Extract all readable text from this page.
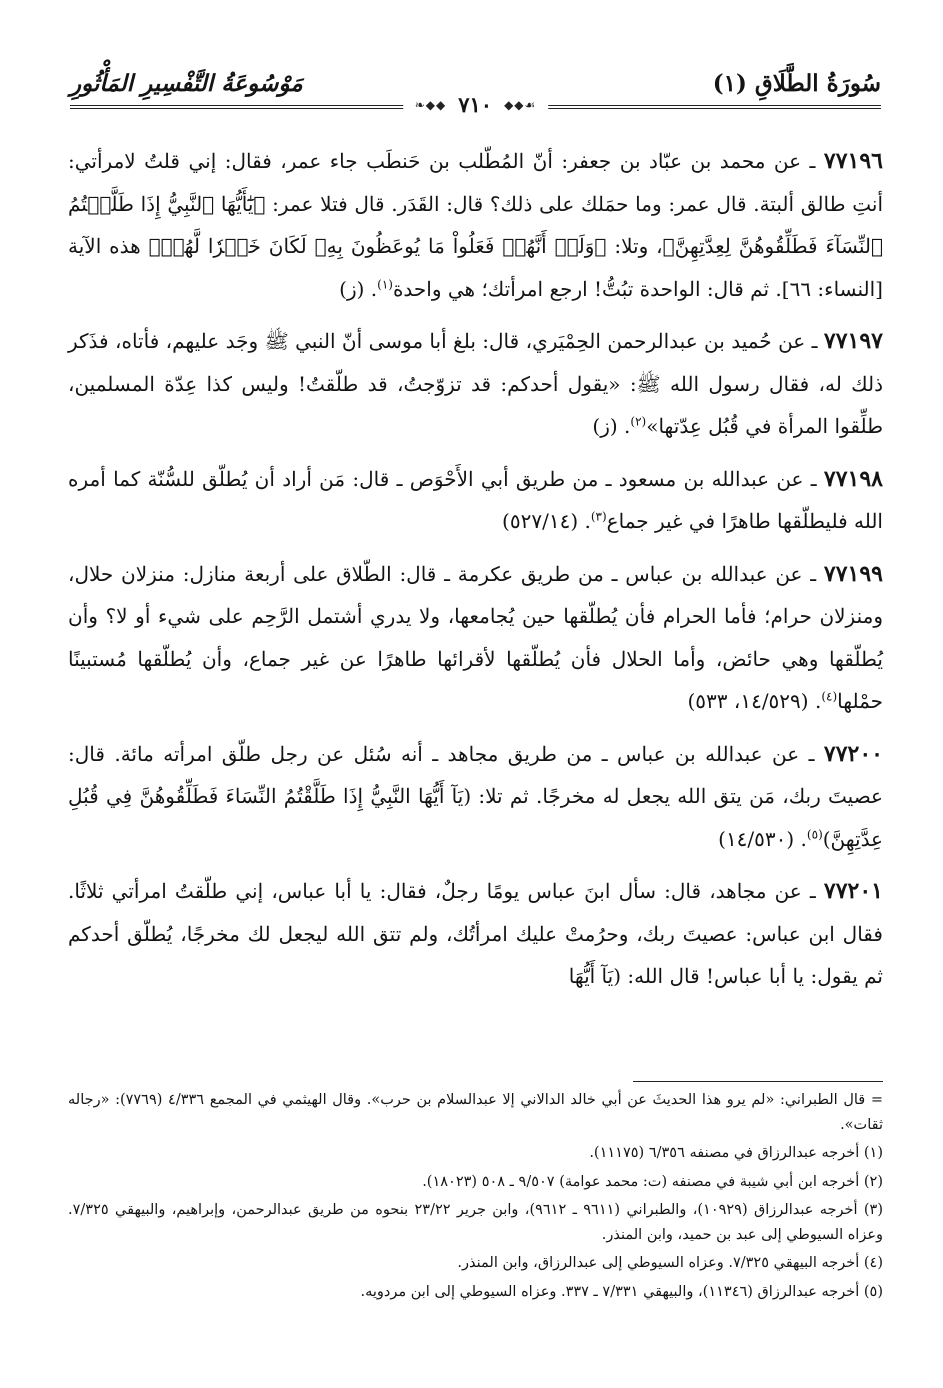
سُورَةُ الطَّلَاقِ (١)
مَوْسُوعَةُ التَّفْسِيرِ المَأْثُورِ
❧◆◆ ٧١٠ ◆◆☙

٧٧١٩٦ ـ عن محمد بن عبّاد بن جعفر: أنّ المُطّلب بن حَنطَب جاء عمر، فقال: إني قلتُ لامرأتي: أنتِ طالق ألبتة. قال عمر: وما حمَلك على ذلك؟ قال: القَدَر. قال فتلا عمر: ﴿يَٰٓأَيُّهَا ٱلنَّبِيُّ إِذَا طَلَّقۡتُمُ ٱلنِّسَآءَ فَطَلِّقُوهُنَّ لِعِدَّتِهِنَّ﴾، وتلا: ﴿وَلَوۡ أَنَّهُمۡ فَعَلُواْ مَا يُوعَظُونَ بِهِۦ لَكَانَ خَيۡرٗا لَّهُمۡ﴾ هذه الآية [النساء: ٦٦]. ثم قال: الواحدة تبُتُّ! ارجع امرأتك؛ هي واحدة$^{(١)}$. (ز)

٧٧١٩٧ ـ عن حُميد بن عبدالرحمن الحِمْيَري، قال: بلغ أبا موسى أنّ النبي ﷺ وجَد عليهم، فأتاه، فذَكر ذلك له، فقال رسول الله ﷺ: «يقول أحدكم: قد تزوّجتُ، قد طلّقتُ! وليس كذا عِدّة المسلمين، طلِّقوا المرأة في قُبُل عِدّتها»$^{(٢)}$. (ز)

٧٧١٩٨ ـ عن عبدالله بن مسعود ـ من طريق أبي الأَحْوَص ـ قال: مَن أراد أن يُطلّق للسُّنّة كما أمره الله فليطلّقها طاهرًا في غير جماع$^{(٣)}$. (٥٢٧/١٤)

٧٧١٩٩ ـ عن عبدالله بن عباس ـ من طريق عكرمة ـ قال: الطّلاق على أربعة منازل: منزلان حلال، ومنزلان حرام؛ فأما الحرام فأن يُطلّقها حين يُجامعها، ولا يدري أشتمل الرَّحِم على شيء أو لا؟ وأن يُطلّقها وهي حائض، وأما الحلال فأن يُطلّقها لأقرائها طاهرًا عن غير جماع، وأن يُطلّقها مُستبينًا حمْلها$^{(٤)}$. (١٤/٥٢٩، ٥٣٣)

٧٧٢٠٠ ـ عن عبدالله بن عباس ـ من طريق مجاهد ـ أنه سُئل عن رجل طلّق امرأته مائة. قال: عصيتَ ربك، مَن يتق الله يجعل له مخرجًا. ثم تلا: (يَآ أَيُّهَا النَّبِيُّ إِذَا طَلَّقْتُمُ النِّسَاءَ فَطَلِّقُوهُنَّ فِي قُبُلِ عِدَّتِهِنَّ)$^{(٥)}$. (١٤/٥٣٠)

٧٧٢٠١ ـ عن مجاهد، قال: سأل ابنَ عباس يومًا رجلٌ، فقال: يا أبا عباس، إني طلّقتُ امرأتي ثلاثًا. فقال ابن عباس: عصيتَ ربك، وحرُمتْ عليك امرأتُك، ولم تتق الله ليجعل لك مخرجًا، يُطلّق أحدكم ثم يقول: يا أبا عباس! قال الله: (يَآ أَيُّهَا

= قال الطبراني: «لم يرو هذا الحديثَ عن أبي خالد الدالاني إلا عبدالسلام بن حرب». وقال الهيثمي في المجمع ٤/٣٣٦ (٧٧٦٩): «رجاله ثقات».

(١) أخرجه عبدالرزاق في مصنفه ٦/٣٥٦ (١١١٧٥).

(٢) أخرجه ابن أبي شيبة في مصنفه (ت: محمد عوامة) ٩/٥٠٧ ـ ٥٠٨ (١٨٠٢٣).

(٣) أخرجه عبدالرزاق (١٠٩٢٩)، والطبراني (٩٦١١ ـ ٩٦١٢)، وابن جرير ٢٣/٢٢ بنحوه من طريق عبدالرحمن، وإبراهيم، والبيهقي ٧/٣٢٥. وعزاه السيوطي إلى عبد بن حميد، وابن المنذر.

(٤) أخرجه البيهقي ٧/٣٢٥. وعزاه السيوطي إلى عبدالرزاق، وابن المنذر.

(٥) أخرجه عبدالرزاق (١١٣٤٦)، والبيهقي ٧/٣٣١ ـ ٣٣٧. وعزاه السيوطي إلى ابن مردويه.
